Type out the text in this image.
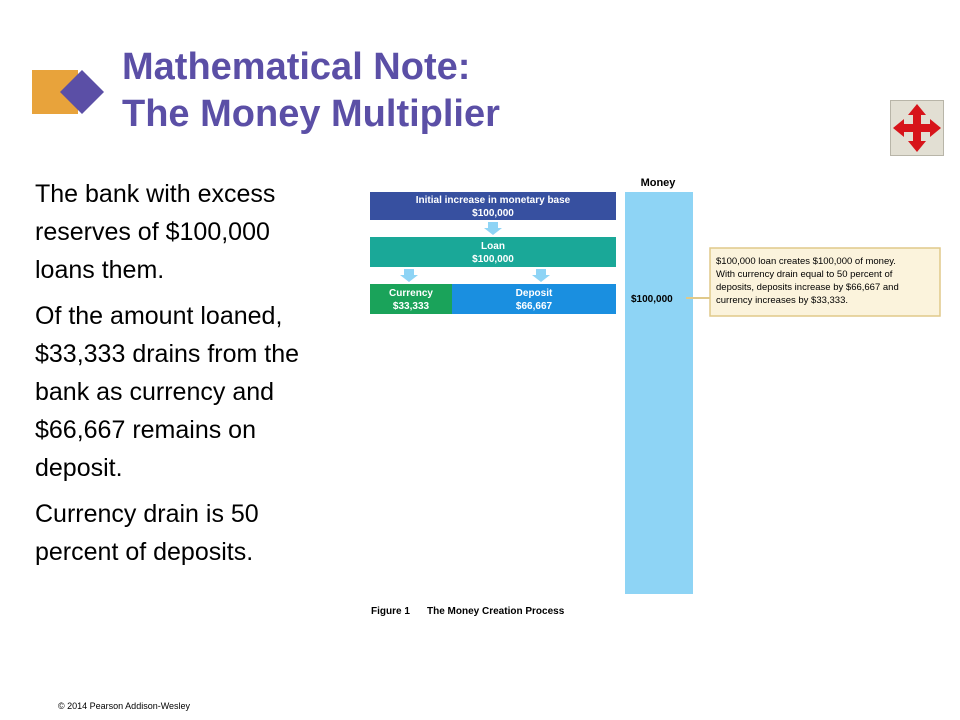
Mathematical Note:
The Money Multiplier
The bank with excess reserves of $100,000 loans them.
Of the amount loaned, $33,333 drains from the bank as currency and $66,667 remains on deposit.
Currency drain is 50 percent of deposits.
Money
Initial increase in monetary base
$100,000
Loan
$100,000
Currency
$33,333
Deposit
$66,667
$100,000
$100,000 loan creates $100,000 of money.
With currency drain equal to 50 percent of
deposits, deposits increase by $66,667 and
currency increases by $33,333.
Figure 1 The Money Creation Process
© 2014 Pearson Addison-Wesley
